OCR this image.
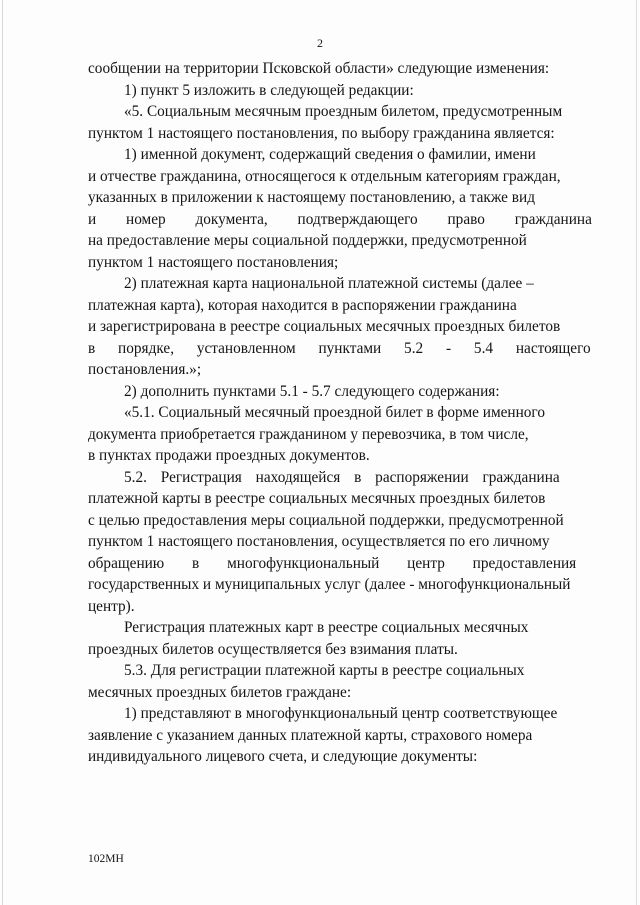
2
сообщении на территории Псковской области» следующие изменения:
1) пункт 5 изложить в следующей редакции:
«5. Социальным месячным проездным билетом, предусмотренным
пунктом 1 настоящего постановления, по выбору гражданина является:
1) именной документ, содержащий сведения о фамилии, имени
и отчестве гражданина, относящегося к отдельным категориям граждан,
указанных в приложении к настоящему постановлению, а также вид
и номер документа, подтверждающего право гражданина
на предоставление меры социальной поддержки, предусмотренной
пунктом 1 настоящего постановления;
2) платежная карта национальной платежной системы (далее –
платежная карта), которая находится в распоряжении гражданина
и зарегистрирована в реестре социальных месячных проездных билетов
в порядке, установленном пунктами 5.2 - 5.4 настоящего
постановления.»;
2) дополнить пунктами 5.1 - 5.7 следующего содержания:
«5.1. Социальный месячный проездной билет в форме именного
документа приобретается гражданином у перевозчика, в том числе,
в пунктах продажи проездных документов.
5.2. Регистрация находящейся в распоряжении гражданина
платежной карты в реестре социальных месячных проездных билетов
с целью предоставления меры социальной поддержки, предусмотренной
пунктом 1 настоящего постановления, осуществляется по его личному
обращению в многофункциональный центр предоставления
государственных и муниципальных услуг (далее - многофункциональный
центр).
Регистрация платежных карт в реестре социальных месячных
проездных билетов осуществляется без взимания платы.
5.3. Для регистрации платежной карты в реестре социальных
месячных проездных билетов граждане:
1) представляют в многофункциональный центр соответствующее
заявление с указанием данных платежной карты, страхового номера
индивидуального лицевого счета, и следующие документы:
102МН
